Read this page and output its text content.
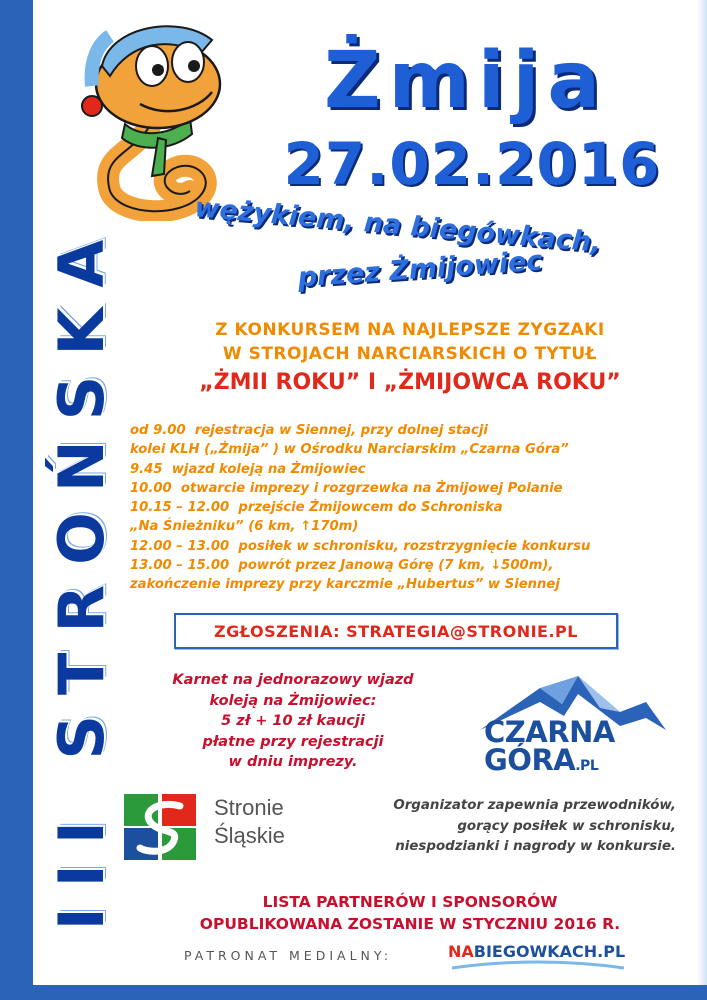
III STROŃSKA
Żmija
27.02.2016
wężykiem, na biegówkach,
przez Żmijowiec
Z KONKURSEM NA NAJLEPSZE ZYGZAKI
W STROJACH NARCIARSKICH O TYTUŁ
„ŻMII ROKU” I „ŻMIJOWCA ROKU”
od 9.00 rejestracja w Siennej, przy dolnej stacji
kolei KLH („Żmija” ) w Ośrodku Narciarskim „Czarna Góra”
9.45 wjazd koleją na Żmijowiec
10.00 otwarcie imprezy i rozgrzewka na Żmijowej Polanie
10.15 – 12.00 przejście Żmijowcem do Schroniska
„Na Śnieżniku” (6 km, ↑170m)
12.00 – 13.00 posiłek w schronisku, rozstrzygnięcie konkursu
13.00 – 15.00 powrót przez Janową Górę (7 km, ↓500m),
zakończenie imprezy przy karczmie „Hubertus” w Siennej
ZGŁOSZENIA: STRATEGIA@STRONIE.PL
Karnet na jednorazowy wjazd
koleją na Żmijowiec:
5 zł + 10 zł kaucji
płatne przy rejestracji
w dniu imprezy.
CZARNA
GÓRA.PL
Stronie
Śląskie
Organizator zapewnia przewodników,
gorący posiłek w schronisku,
niespodzianki i nagrody w konkursie.
LISTA PARTNERÓW I SPONSORÓW
OPUBLIKOWANA ZOSTANIE W STYCZNIU 2016 R.
PATRONAT MEDIALNY:	NABIEGOWKACH.PL
